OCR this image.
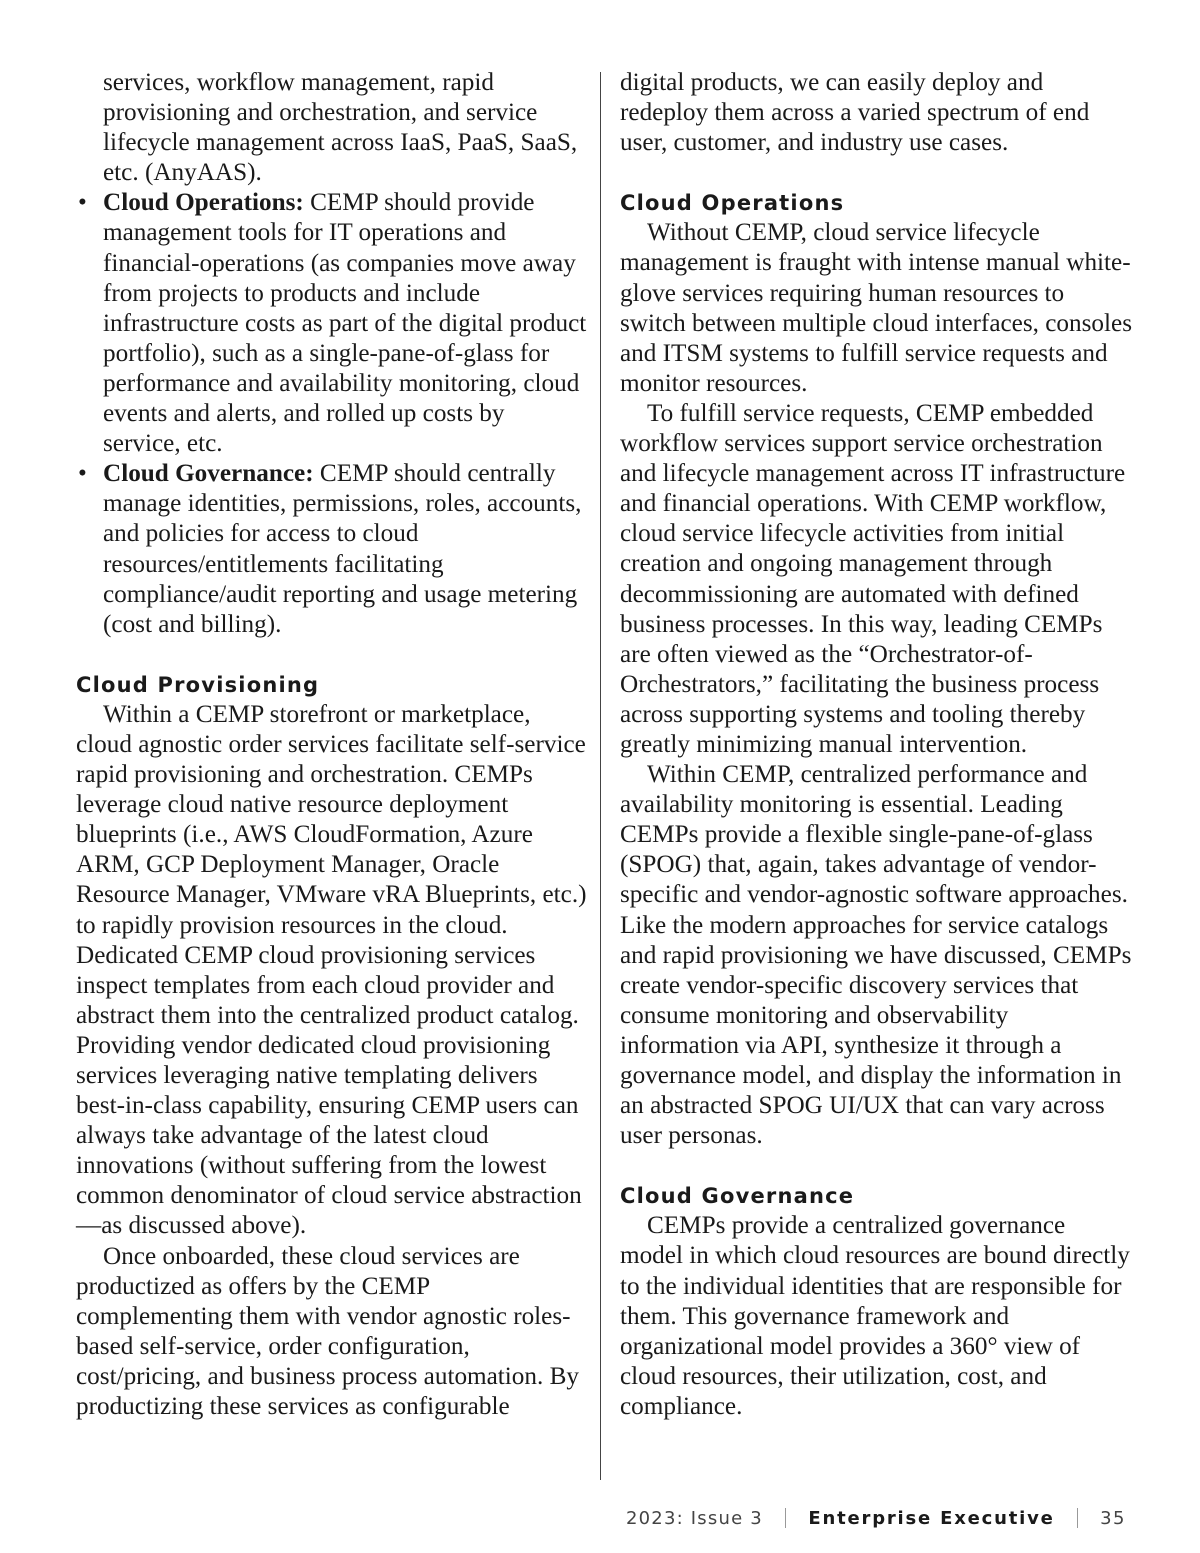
services, workflow management, rapid provisioning and orchestration, and service lifecycle management across IaaS, PaaS, SaaS, etc. (AnyAAS).

• Cloud Operations: CEMP should provide management tools for IT operations and financial-operations (as companies move away from projects to products and include infrastructure costs as part of the digital product portfolio), such as a single-pane-of-glass for performance and availability monitoring, cloud events and alerts, and rolled up costs by service, etc.
• Cloud Governance: CEMP should centrally manage identities, permissions, roles, accounts, and policies for access to cloud resources/entitlements facilitating compliance/audit reporting and usage metering (cost and billing).
Cloud Provisioning

Within a CEMP storefront or marketplace, cloud agnostic order services facilitate self-service rapid provisioning and orchestration. CEMPs leverage cloud native resource deployment blueprints (i.e., AWS CloudFormation, Azure ARM, GCP Deployment Manager, Oracle Resource Manager, VMware vRA Blueprints, etc.) to rapidly provision resources in the cloud. Dedicated CEMP cloud provisioning services inspect templates from each cloud provider and abstract them into the centralized product catalog. Providing vendor dedicated cloud provisioning services leveraging native templating delivers best-in-class capability, ensuring CEMP users can always take advantage of the latest cloud innovations (without suffering from the lowest common denominator of cloud service abstraction—as discussed above).

Once onboarded, these cloud services are productized as offers by the CEMP complementing them with vendor agnostic roles-based self-service, order configuration, cost/pricing, and business process automation. By productizing these services as configurable

digital products, we can easily deploy and redeploy them across a varied spectrum of end user, customer, and industry use cases.

Cloud Operations

Without CEMP, cloud service lifecycle management is fraught with intense manual white-glove services requiring human resources to switch between multiple cloud interfaces, consoles and ITSM systems to fulfill service requests and monitor resources.

To fulfill service requests, CEMP embedded workflow services support service orchestration and lifecycle management across IT infrastructure and financial operations. With CEMP workflow, cloud service lifecycle activities from initial creation and ongoing management through decommissioning are automated with defined business processes. In this way, leading CEMPs are often viewed as the “Orchestrator-of-Orchestrators,” facilitating the business process across supporting systems and tooling thereby greatly minimizing manual intervention.

Within CEMP, centralized performance and availability monitoring is essential. Leading CEMPs provide a flexible single-pane-of-glass (SPOG) that, again, takes advantage of vendor-specific and vendor-agnostic software approaches. Like the modern approaches for service catalogs and rapid provisioning we have discussed, CEMPs create vendor-specific discovery services that consume monitoring and observability information via API, synthesize it through a governance model, and display the information in an abstracted SPOG UI/UX that can vary across user personas.

Cloud Governance

CEMPs provide a centralized governance model in which cloud resources are bound directly to the individual identities that are responsible for them. This governance framework and organizational model provides a 360° view of cloud resources, their utilization, cost, and compliance.

2023: Issue 3	Enterprise Executive	35
